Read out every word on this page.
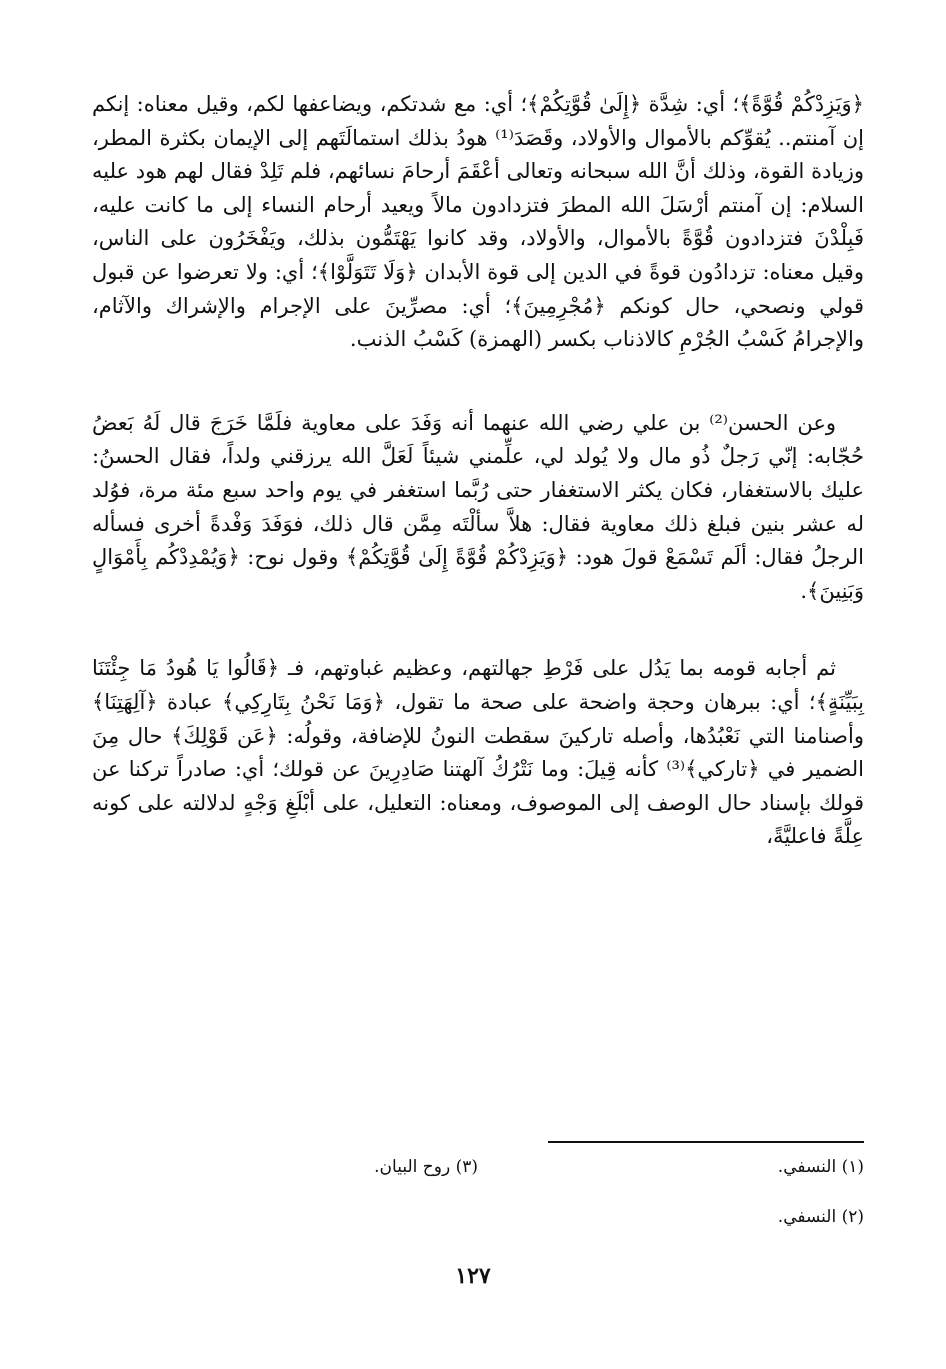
﴿وَيَزِدْكُمْ قُوَّةً﴾؛ أي: شِدَّة ﴿إِلَىٰ قُوَّتِكُمْ﴾؛ أي: مع شدتكم، ويضاعفها لكم، وقيل معناه: إنكم إن آمنتم.. يُقوِّكم بالأموال والأولاد، وقَصَدَ⁽¹⁾ هودُ بذلك استمالَتَهم إلى الإيمان بكثرة المطر، وزيادة القوة، وذلك أنَّ الله سبحانه وتعالى أعْقَمَ أرحامَ نسائهم، فلم تَلِدْ فقال لهم هود عليه السلام: إن آمنتم أرْسَلَ الله المطرَ فتزدادون مالاً ويعيد أرحام النساء إلى ما كانت عليه، فَبِلْدْنَ فتزدادون قُوَّةً بالأموال، والأولاد، وقد كانوا يَهْتَمُّون بذلك، ويَفْخَرُون على الناس، وقيل معناه: تزدادُون قوةً في الدين إلى قوة الأبدان ﴿وَلَا تَتَوَلَّوْا﴾؛ أي: ولا تعرضوا عن قبول قولي ونصحي، حال كونكم ﴿مُجْرِمِينَ﴾؛ أي: مصرِّينَ على الإجرام والإشراك والآثام، والإجرامُ كَسْبُ الجُرْمِ كالاذناب بكسر (الهمزة) كَسْبُ الذنب.

وعن الحسن⁽²⁾ بن علي رضي الله عنهما أنه وَفَدَ على معاوية فلَمَّا خَرَجَ قال لَهُ بَعضُ حُجّابه: إنّي رَجلٌ ذُو مال ولا يُولد لي، علِّمني شيئاً لَعَلَّ الله يرزقني ولداً، فقال الحسنُ: عليك بالاستغفار، فكان يكثر الاستغفار حتى رُبَّما استغفر في يوم واحد سبع مئة مرة، فوُلد له عشر بنين فبلغ ذلك معاوية فقال: هلاَّ سألْتَه مِمَّن قال ذلك، فوَفَدَ وَفْدةً أخرى فسأله الرجلُ فقال: ألَم تَسْمَعْ قولَ هود: ﴿وَيَزِدْكُمْ قُوَّةً إِلَىٰ قُوَّتِكُمْ﴾ وقول نوح: ﴿وَيُمْدِدْكُم بِأَمْوَالٍ وَبَنِينَ﴾.

ثم أجابه قومه بما يَدُل على فَرْطِ جهالتهم، وعظيم غباوتهم، فـ ﴿قَالُوا يَا هُودُ مَا جِئْتَنَا بِبَيِّنَةٍ﴾؛ أي: ببرهان وحجة واضحة على صحة ما تقول، ﴿وَمَا نَحْنُ بِتَارِكِي﴾ عبادة ﴿آلِهَتِنَا﴾ وأصنامنا التي نَعْبُدُها، وأصله تاركينَ سقطت النونُ للإضافة، وقولُه: ﴿عَن قَوْلِكَ﴾ حال مِنَ الضمير في ﴿تاركي﴾⁽³⁾ كأنه قِيلَ: وما نَتْرُكُ آلهتنا صَادِرِينَ عن قولك؛ أي: صادراً تركنا عن قولك بإسناد حال الوصف إلى الموصوف، ومعناه: التعليل، على أبْلَغِ وَجْهٍ لدلالته على كونه عِلَّةً فاعليَّةً،

(١) النسفي.
(٣) روح البيان.
(٢) النسفي.
١٢٧
